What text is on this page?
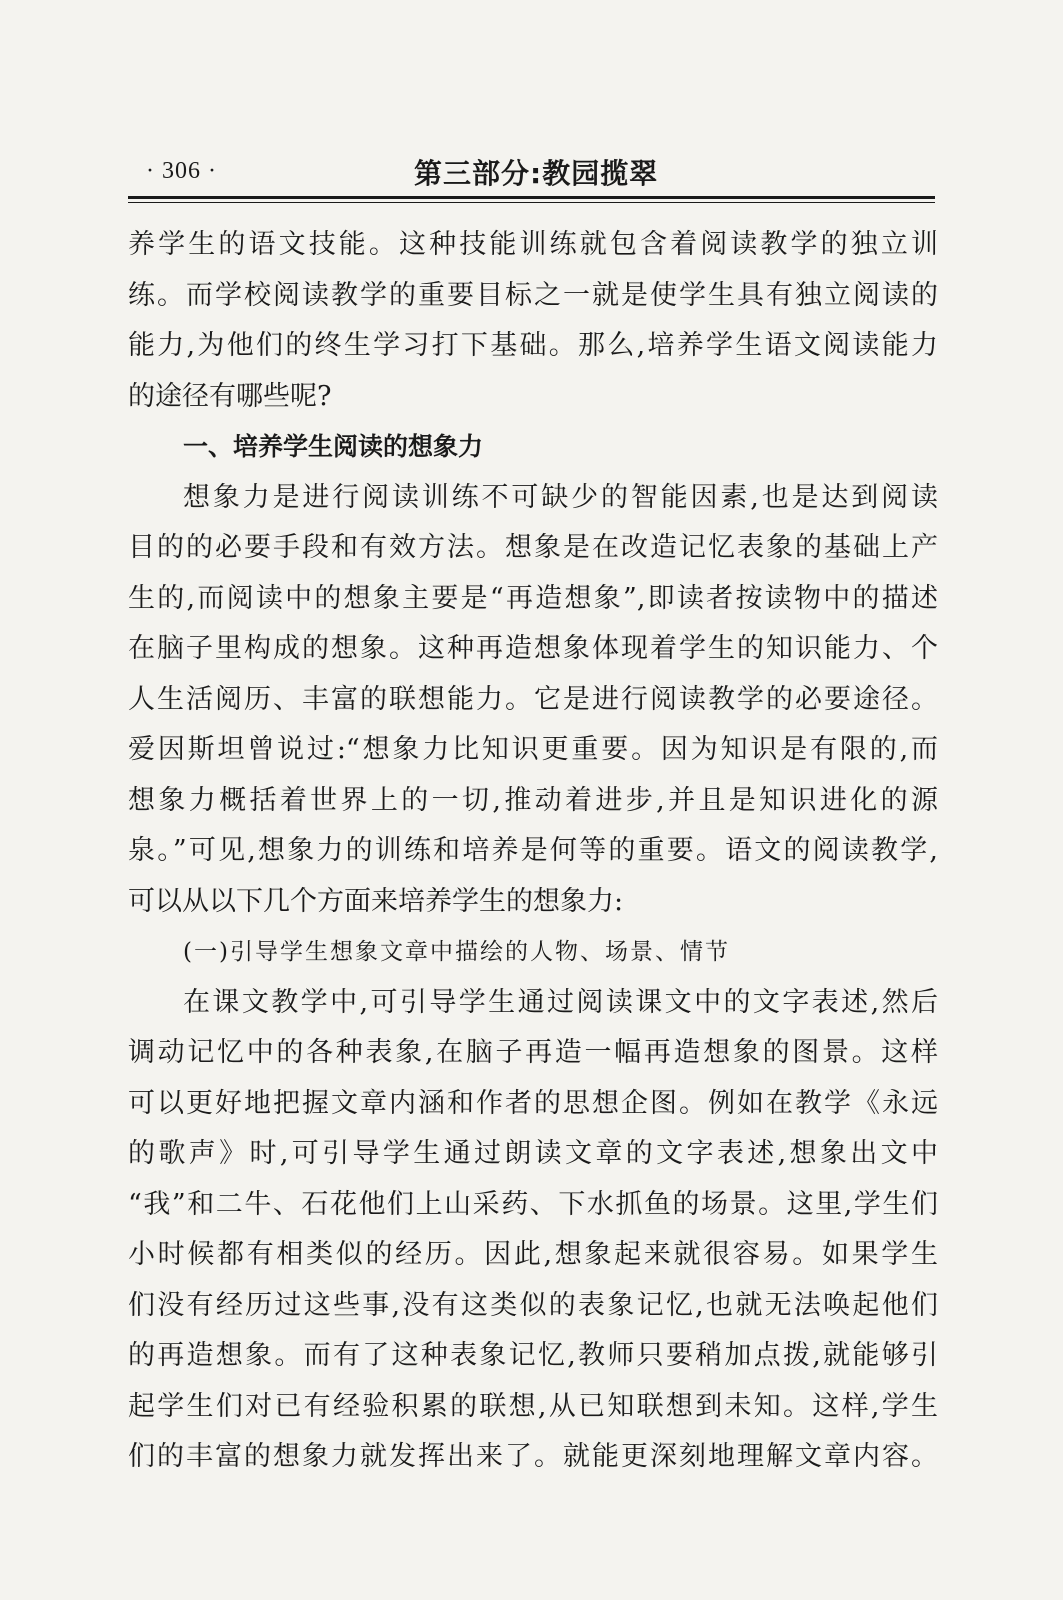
· 306 ·	第三部分:教园揽翠
养学生的语文技能。这种技能训练就包含着阅读教学的独立训
练。而学校阅读教学的重要目标之一就是使学生具有独立阅读的
能力,为他们的终生学习打下基础。那么,培养学生语文阅读能力
的途径有哪些呢?
一、培养学生阅读的想象力
想象力是进行阅读训练不可缺少的智能因素,也是达到阅读
目的的必要手段和有效方法。想象是在改造记忆表象的基础上产
生的,而阅读中的想象主要是“再造想象”,即读者按读物中的描述
在脑子里构成的想象。这种再造想象体现着学生的知识能力、个
人生活阅历、丰富的联想能力。它是进行阅读教学的必要途径。
爱因斯坦曾说过:“想象力比知识更重要。因为知识是有限的,而
想象力概括着世界上的一切,推动着进步,并且是知识进化的源
泉。”可见,想象力的训练和培养是何等的重要。语文的阅读教学,
可以从以下几个方面来培养学生的想象力:
(一)引导学生想象文章中描绘的人物、场景、情节
在课文教学中,可引导学生通过阅读课文中的文字表述,然后
调动记忆中的各种表象,在脑子再造一幅再造想象的图景。这样
可以更好地把握文章内涵和作者的思想企图。例如在教学《永远
的歌声》时,可引导学生通过朗读文章的文字表述,想象出文中
“我”和二牛、石花他们上山采药、下水抓鱼的场景。这里,学生们
小时候都有相类似的经历。因此,想象起来就很容易。如果学生
们没有经历过这些事,没有这类似的表象记忆,也就无法唤起他们
的再造想象。而有了这种表象记忆,教师只要稍加点拨,就能够引
起学生们对已有经验积累的联想,从已知联想到未知。这样,学生
们的丰富的想象力就发挥出来了。就能更深刻地理解文章内容。
